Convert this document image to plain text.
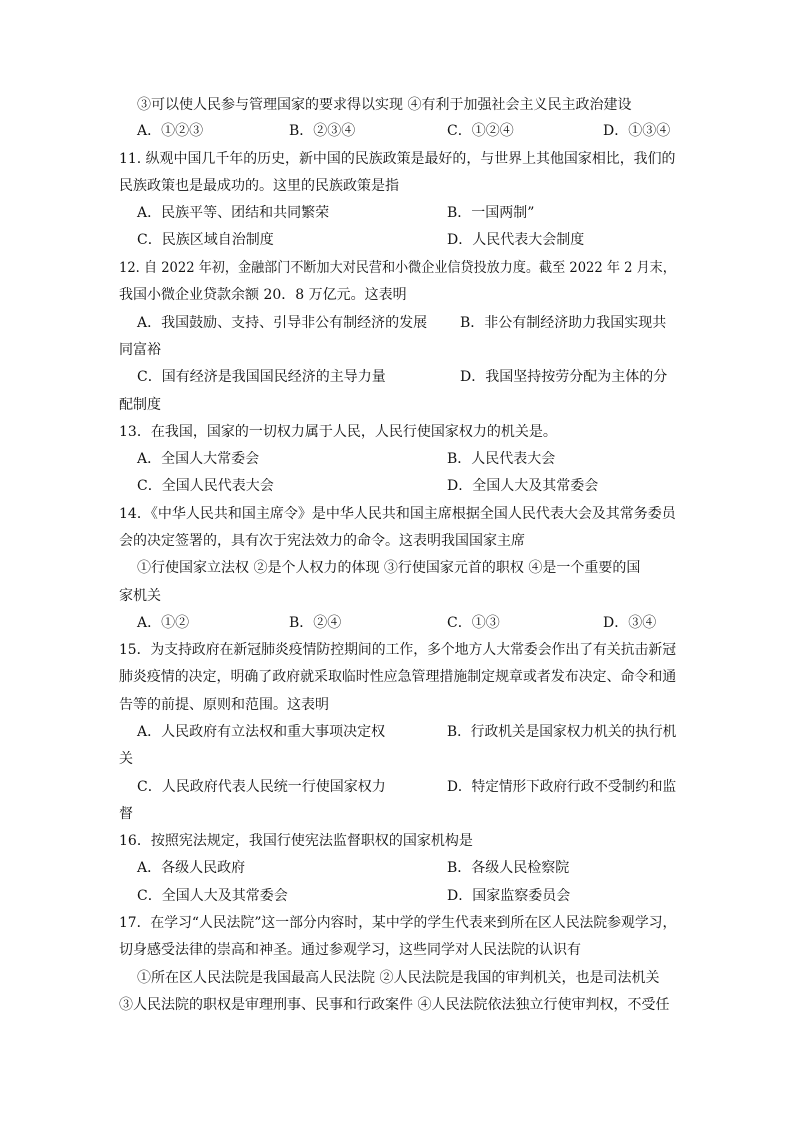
③可以使人民参与管理国家的要求得以实现 ④有利于加强社会主义民主政治建设
A．①②③	B．②③④	C．①②④	D．①③④
11. 纵观中国几千年的历史，新中国的民族政策是最好的，与世界上其他国家相比，我们的
民族政策也是最成功的。这里的民族政策是指
A．民族平等、团结和共同繁荣	B．一国两制”
C．民族区域自治制度	D．人民代表大会制度
12. 自 2022 年初，金融部门不断加大对民营和小微企业信贷投放力度。截至 2022 年 2 月末，
我国小微企业贷款余额 20．8 万亿元。这表明
A．我国鼓励、支持、引导非公有制经济的发展 B．非公有制经济助力我国实现共
同富裕
C．国有经济是我国国民经济的主导力量	D．我国坚持按劳分配为主体的分
配制度
13．在我国，国家的一切权力属于人民，人民行使国家权力的机关是。
A．全国人大常委会	B．人民代表大会
C．全国人民代表大会	D．全国人大及其常委会
14．《中华人民共和国主席令》是中华人民共和国主席根据全国人民代表大会及其常务委员
会的决定签署的，具有次于宪法效力的命令。这表明我国国家主席
①行使国家立法权 ②是个人权力的体现 ③行使国家元首的职权 ④是一个重要的国
家机关
A．①②	B．②④	C．①③	D．③④
15．为支持政府在新冠肺炎疫情防控期间的工作，多个地方人大常委会作出了有关抗击新冠
肺炎疫情的决定，明确了政府就采取临时性应急管理措施制定规章或者发布决定、命令和通
告等的前提、原则和范围。这表明
A．人民政府有立法权和重大事项决定权	B．行政机关是国家权力机关的执行机
关
C．人民政府代表人民统一行使国家权力	D．特定情形下政府行政不受制约和监
督
16．按照宪法规定，我国行使宪法监督职权的国家机构是
A．各级人民政府	B．各级人民检察院
C．全国人大及其常委会	D．国家监察委员会
17．在学习“人民法院”这一部分内容时，某中学的学生代表来到所在区人民法院参观学习，
切身感受法律的崇高和神圣。通过参观学习，这些同学对人民法院的认识有
①所在区人民法院是我国最高人民法院 ②人民法院是我国的审判机关，也是司法机关
③人民法院的职权是审理刑事、民事和行政案件 ④人民法院依法独立行使审判权，不受任
